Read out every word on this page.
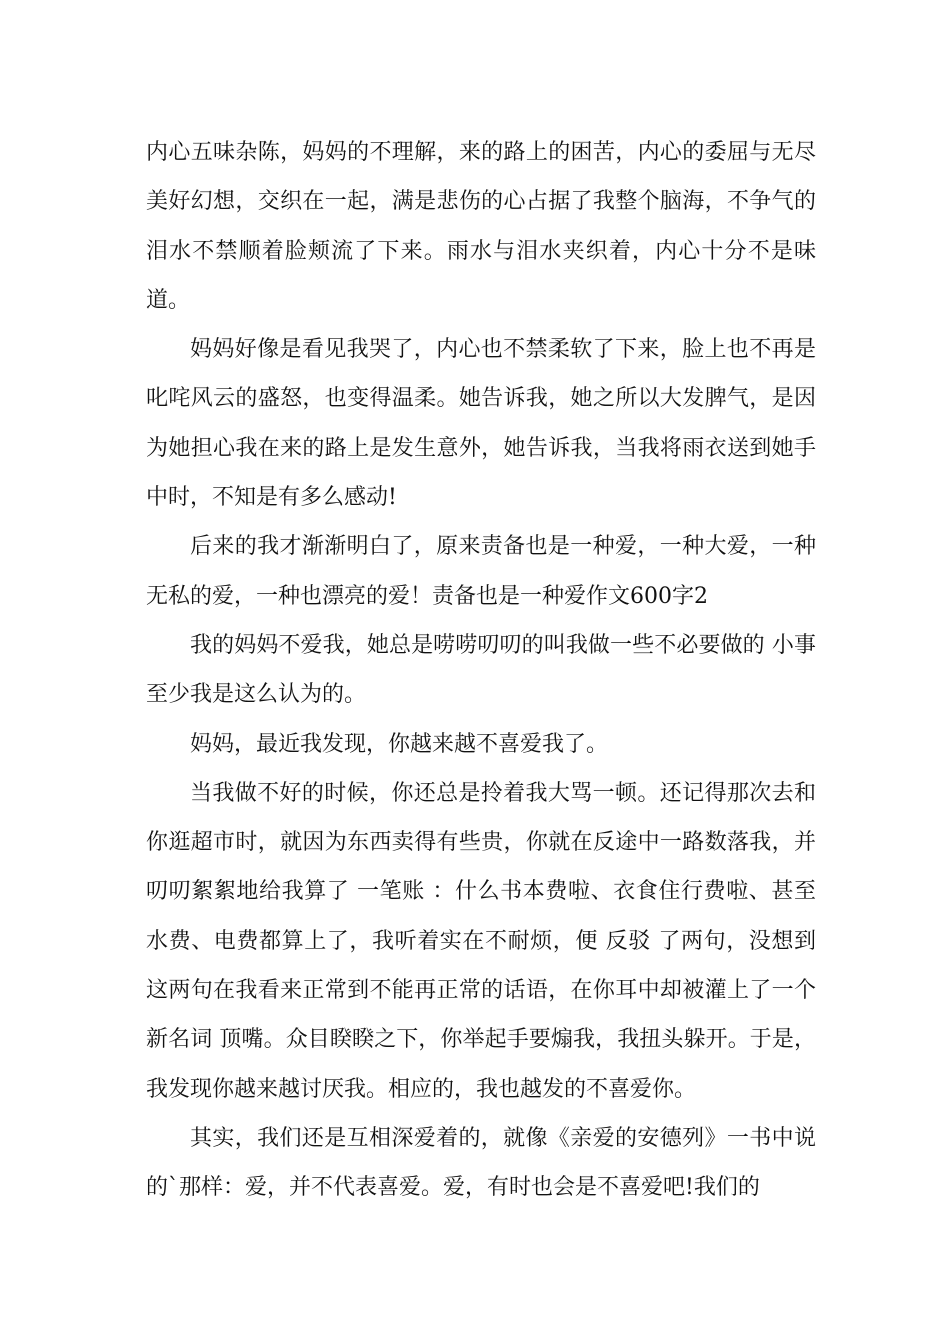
内心五味杂陈，妈妈的不理解，来的路上的困苦，内心的委屈与无尽美好幻想，交织在一起，满是悲伤的心占据了我整个脑海，不争气的泪水不禁顺着脸颊流了下来。雨水与泪水夹织着，内心十分不是味道。

妈妈好像是看见我哭了，内心也不禁柔软了下来，脸上也不再是叱咤风云的盛怒，也变得温柔。她告诉我，她之所以大发脾气，是因为她担心我在来的路上是发生意外，她告诉我，当我将雨衣送到她手中时，不知是有多么感动!

后来的我才渐渐明白了，原来责备也是一种爱，一种大爱，一种无私的爱，一种也漂亮的爱！责备也是一种爱作文600字2

我的妈妈不爱我，她总是唠唠叨叨的叫我做一些不必要做的 小事 至少我是这么认为的。

妈妈，最近我发现，你越来越不喜爱我了。

当我做不好的时候，你还总是拎着我大骂一顿。还记得那次去和你逛超市时，就因为东西卖得有些贵，你就在反途中一路数落我，并叨叨絮絮地给我算了 一笔账 ：什么书本费啦、衣食住行费啦、甚至水费、电费都算上了，我听着实在不耐烦，便 反驳 了两句，没想到这两句在我看来正常到不能再正常的话语，在你耳中却被灌上了一个新名词 顶嘴。众目睽睽之下，你举起手要煽我，我扭头躲开。于是，我发现你越来越讨厌我。相应的，我也越发的不喜爱你。

其实，我们还是互相深爱着的，就像《亲爱的安德列》一书中说的`那样：爱，并不代表喜爱。爱，有时也会是不喜爱吧!我们的
